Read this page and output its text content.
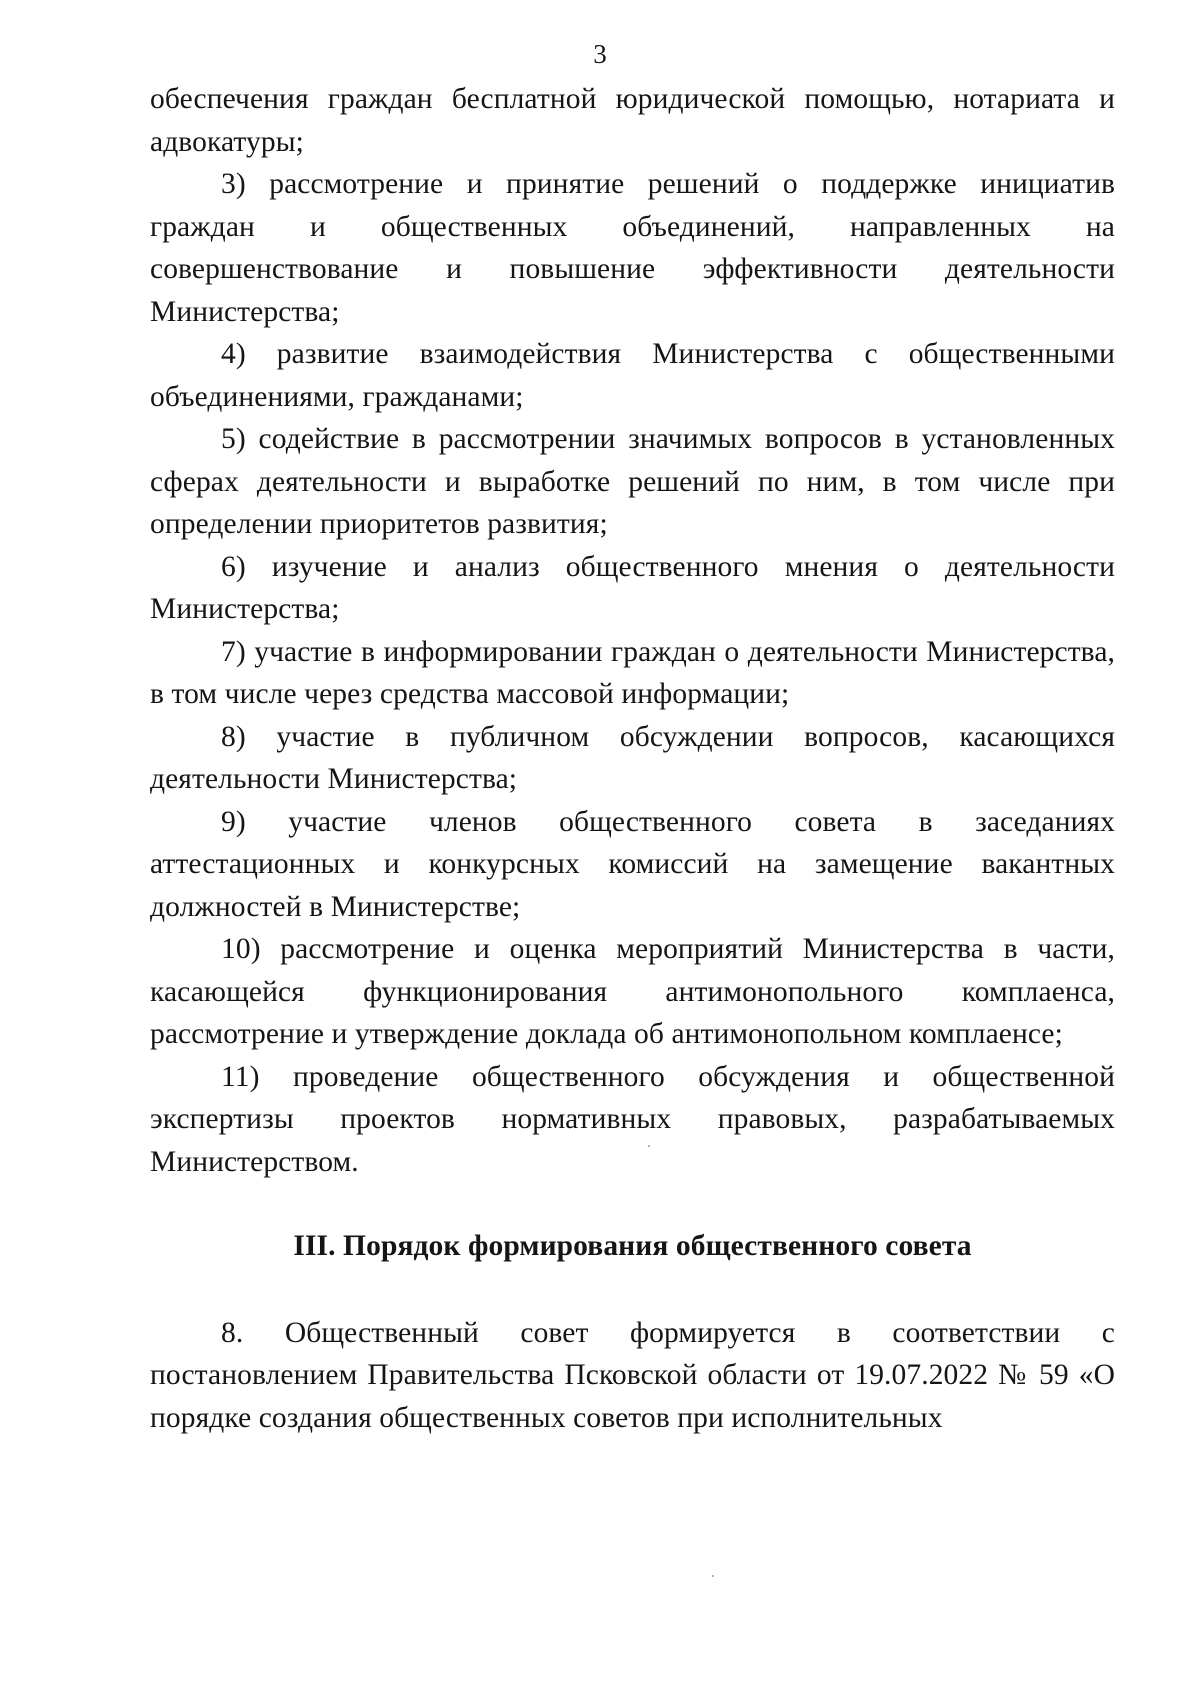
3

обеспечения граждан бесплатной юридической помощью, нотариата и адвокатуры;

3) рассмотрение и принятие решений о поддержке инициатив граждан и общественных объединений, направленных на совершенствование и повышение эффективности деятельности Министерства;

4) развитие взаимодействия Министерства с общественными объединениями, гражданами;

5) содействие в рассмотрении значимых вопросов в установленных сферах деятельности и выработке решений по ним, в том числе при определении приоритетов развития;

6) изучение и анализ общественного мнения о деятельности Министерства;

7) участие в информировании граждан о деятельности Министерства, в том числе через средства массовой информации;

8) участие в публичном обсуждении вопросов, касающихся деятельности Министерства;

9) участие членов общественного совета в заседаниях аттестационных и конкурсных комиссий на замещение вакантных должностей в Министерстве;

10) рассмотрение и оценка мероприятий Министерства в части, касающейся функционирования антимонопольного комплаенса, рассмотрение и утверждение доклада об антимонопольном комплаенсе;

11) проведение общественного обсуждения и общественной экспертизы проектов нормативных правовых, разрабатываемых Министерством.

III. Порядок формирования общественного совета

8. Общественный совет формируется в соответствии с постановлением Правительства Псковской области от 19.07.2022 № 59 «О порядке создания общественных советов при исполнительных
